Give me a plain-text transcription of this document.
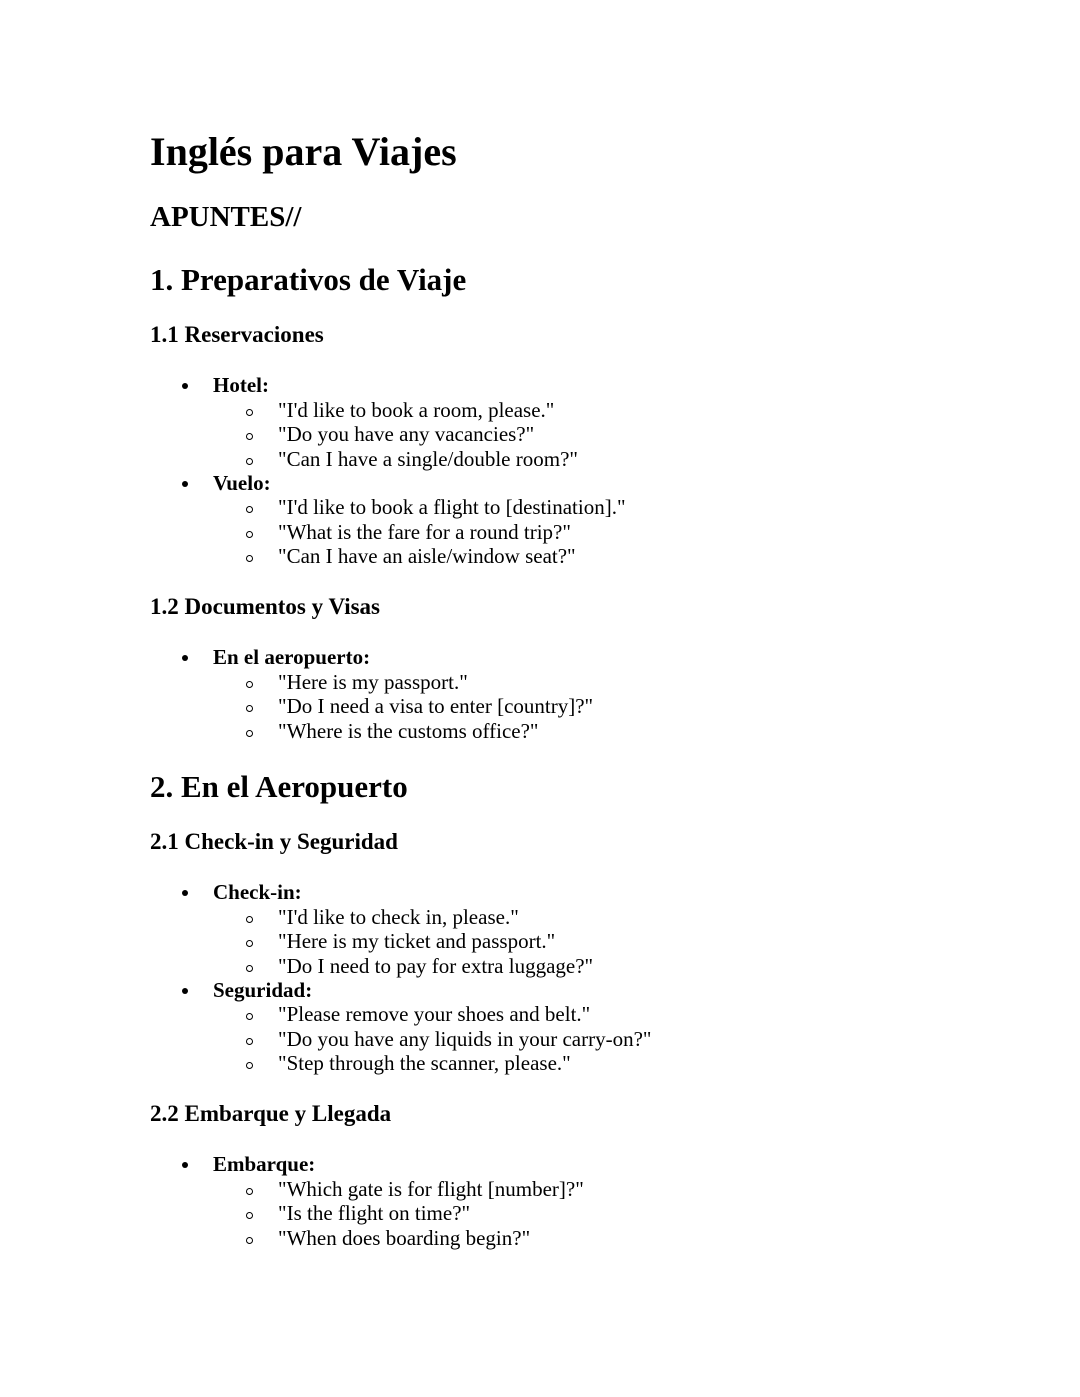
Inglés para Viajes
APUNTES//
1. Preparativos de Viaje
1.1 Reservaciones
Hotel:
"I'd like to book a room, please."
"Do you have any vacancies?"
"Can I have a single/double room?"
Vuelo:
"I'd like to book a flight to [destination]."
"What is the fare for a round trip?"
"Can I have an aisle/window seat?"
1.2 Documentos y Visas
En el aeropuerto:
"Here is my passport."
"Do I need a visa to enter [country]?"
"Where is the customs office?"
2. En el Aeropuerto
2.1 Check-in y Seguridad
Check-in:
"I'd like to check in, please."
"Here is my ticket and passport."
"Do I need to pay for extra luggage?"
Seguridad:
"Please remove your shoes and belt."
"Do you have any liquids in your carry-on?"
"Step through the scanner, please."
2.2 Embarque y Llegada
Embarque:
"Which gate is for flight [number]?"
"Is the flight on time?"
"When does boarding begin?"
